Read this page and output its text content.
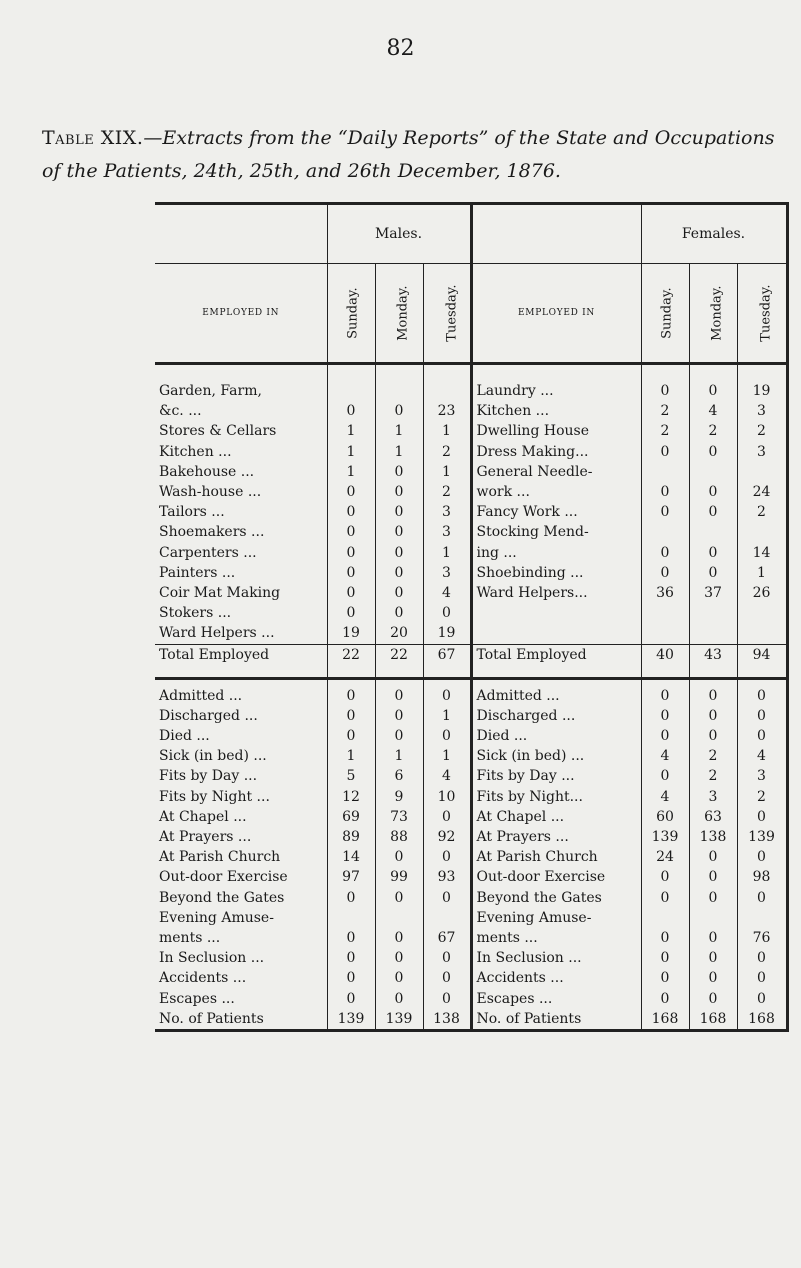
82
Table XIX.—Extracts from the “Daily Reports” of the State and Occupations of the Patients, 24th, 25th, and 26th December, 1876.
	Males.				Females.		
EMPLOYED IN	Sunday.	Monday.	Tuesday.	EMPLOYED IN	Sunday.	Monday.	Tuesday.

Garden, Farm,				Laundry ...	0	0	19
&c. ...	0	0	23	Kitchen ...	2	4	3
Stores & Cellars	1	1	1	Dwelling House	2	2	2
Kitchen ...	1	1	2	Dress Making...	0	0	3
Bakehouse ...	1	0	1	General Needle-			
Wash-house ...	0	0	2	work ...	0	0	24
Tailors ...	0	0	3	Fancy Work ...	0	0	2
Shoemakers ...	0	0	3	Stocking Mend-			
Carpenters ...	0	0	1	ing ...	0	0	14
Painters ...	0	0	3	Shoebinding ...	0	0	1
Coir Mat Making	0	0	4	Ward Helpers...	36	37	26
Stokers ...	0	0	0				
Ward Helpers ...	19	20	19				
Total Employed	22	22	67	Total Employed	40	43	94

Admitted ...	0	0	0	Admitted ...	0	0	0
Discharged ...	0	0	1	Discharged ...	0	0	0
Died ...	0	0	0	Died ...	0	0	0
Sick (in bed) ...	1	1	1	Sick (in bed) ...	4	2	4
Fits by Day ...	5	6	4	Fits by Day ...	0	2	3
Fits by Night ...	12	9	10	Fits by Night...	4	3	2
At Chapel ...	69	73	0	At Chapel ...	60	63	0
At Prayers ...	89	88	92	At Prayers ...	139	138	139
At Parish Church	14	0	0	At Parish Church	24	0	0
Out-door Exercise	97	99	93	Out-door Exercise	0	0	98
Beyond the Gates	0	0	0	Beyond the Gates	0	0	0
Evening Amuse-				Evening Amuse-			
ments ...	0	0	67	ments ...	0	0	76
In Seclusion ...	0	0	0	In Seclusion ...	0	0	0
Accidents ...	0	0	0	Accidents ...	0	0	0
Escapes ...	0	0	0	Escapes ...	0	0	0
No. of Patients	139	139	138	No. of Patients	168	168	168
